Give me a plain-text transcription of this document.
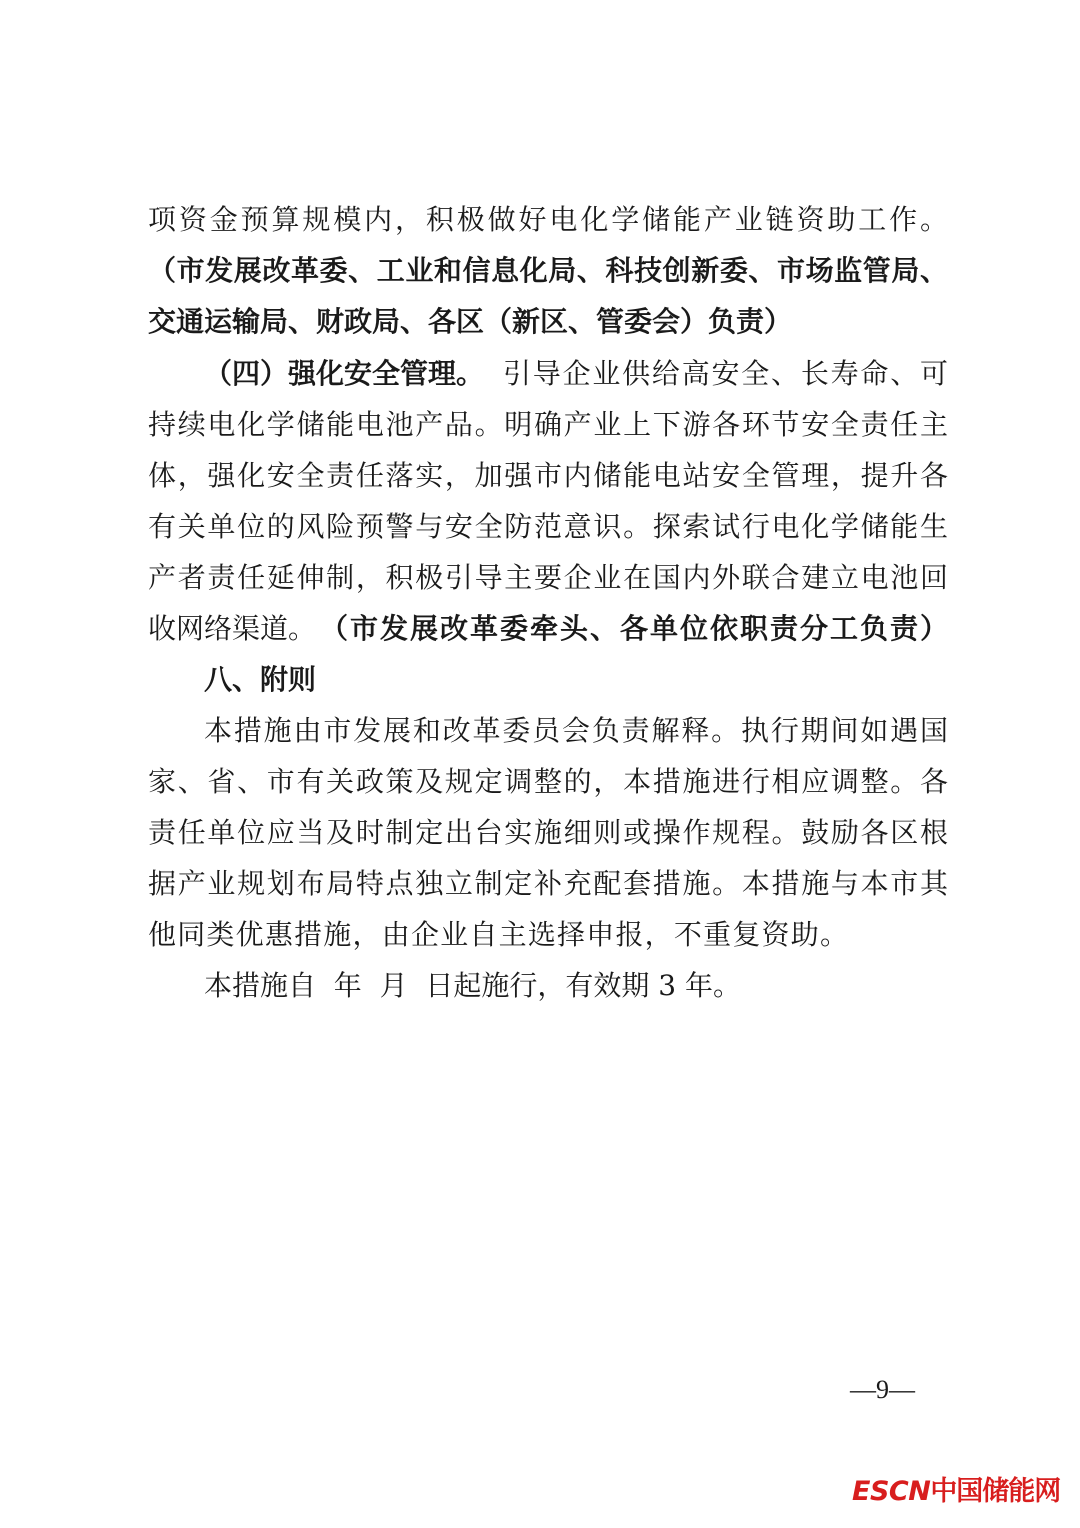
项资金预算规模内，积极做好电化学储能产业链资助工作。
（市发展改革委、工业和信息化局、科技创新委、市场监管局、
交通运输局、财政局、各区（新区、管委会）负责）
（四）强化安全管理。 引导企业供给高安全、长寿命、可
持续电化学储能电池产品。明确产业上下游各环节安全责任主
体，强化安全责任落实，加强市内储能电站安全管理，提升各
有关单位的风险预警与安全防范意识。探索试行电化学储能生
产者责任延伸制，积极引导主要企业在国内外联合建立电池回
收网络渠道。 （市发展改革委牵头、各单位依职责分工负责）
八、附则
本措施由市发展和改革委员会负责解释。执行期间如遇国
家、省、市有关政策及规定调整的，本措施进行相应调整。各
责任单位应当及时制定出台实施细则或操作规程。鼓励各区根
据产业规划布局特点独立制定补充配套措施。本措施与本市其
他同类优惠措施，由企业自主选择申报，不重复资助。
本措施自  年  月  日起施行，有效期 3 年。
—9—
ESCN中国储能网
